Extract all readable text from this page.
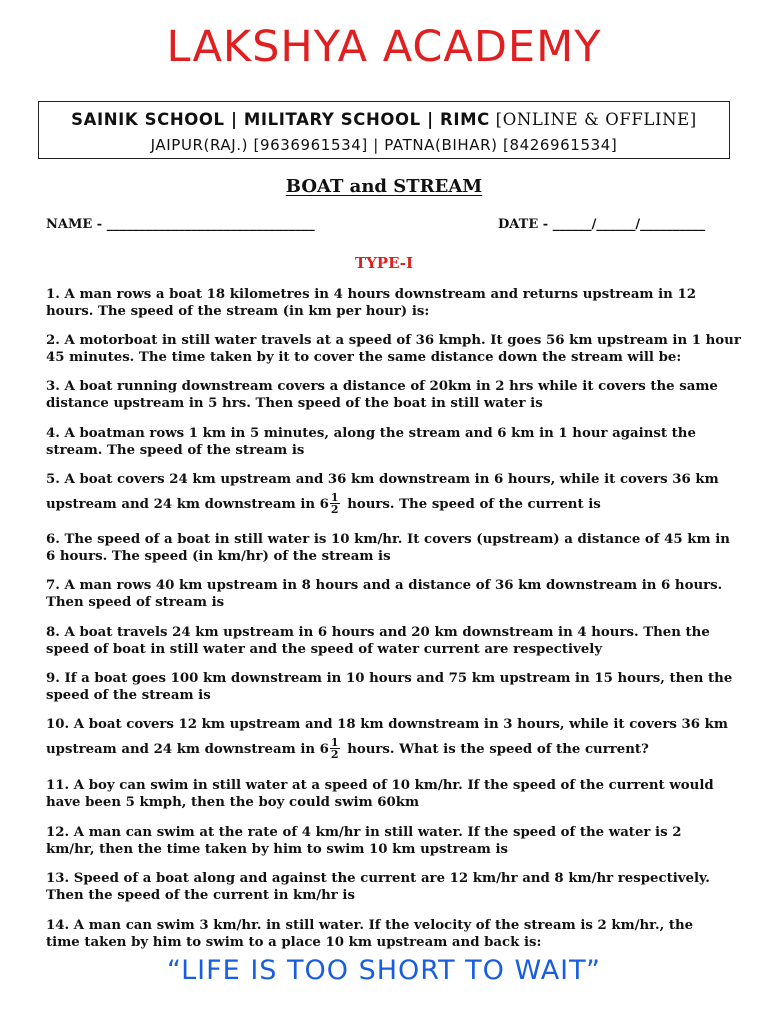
LAKSHYA ACADEMY
SAINIK SCHOOL | MILITARY SCHOOL | RIMC [ONLINE & OFFLINE]
JAIPUR(RAJ.) [9636961534] | PATNA(BIHAR) [8426961534]
BOAT and STREAM
NAME - ________________________________	DATE - ______/______/__________
TYPE-I
1. A man rows a boat 18 kilometres in 4 hours downstream and returns upstream in 12
hours. The speed of the stream (in km per hour) is:
2. A motorboat in still water travels at a speed of 36 kmph. It goes 56 km upstream in 1 hour
45 minutes. The time taken by it to cover the same distance down the stream will be:
3. A boat running downstream covers a distance of 20km in 2 hrs while it covers the same
distance upstream in 5 hrs. Then speed of the boat in still water is
4. A boatman rows 1 km in 5 minutes, along the stream and 6 km in 1 hour against the
stream. The speed of the stream is
5. A boat covers 24 km upstream and 36 km downstream in 6 hours, while it covers 36 km
upstream and 24 km downstream in $6 \frac{1}{2}$ hours. The speed of the current is
6. The speed of a boat in still water is 10 km/hr. It covers (upstream) a distance of 45 km in
6 hours. The speed (in km/hr) of the stream is
7. A man rows 40 km upstream in 8 hours and a distance of 36 km downstream in 6 hours.
Then speed of stream is
8. A boat travels 24 km upstream in 6 hours and 20 km downstream in 4 hours. Then the
speed of boat in still water and the speed of water current are respectively
9. If a boat goes 100 km downstream in 10 hours and 75 km upstream in 15 hours, then the
speed of the stream is
10. A boat covers 12 km upstream and 18 km downstream in 3 hours, while it covers 36 km
upstream and 24 km downstream in $6 \frac{1}{2}$ hours. What is the speed of the current?
11. A boy can swim in still water at a speed of 10 km/hr. If the speed of the current would
have been 5 kmph, then the boy could swim 60km
12. A man can swim at the rate of 4 km/hr in still water. If the speed of the water is 2
km/hr, then the time taken by him to swim 10 km upstream is
13. Speed of a boat along and against the current are 12 km/hr and 8 km/hr respectively.
Then the speed of the current in km/hr is
14. A man can swim 3 km/hr. in still water. If the velocity of the stream is 2 km/hr., the
time taken by him to swim to a place 10 km upstream and back is:
“LIFE IS TOO SHORT TO WAIT”
